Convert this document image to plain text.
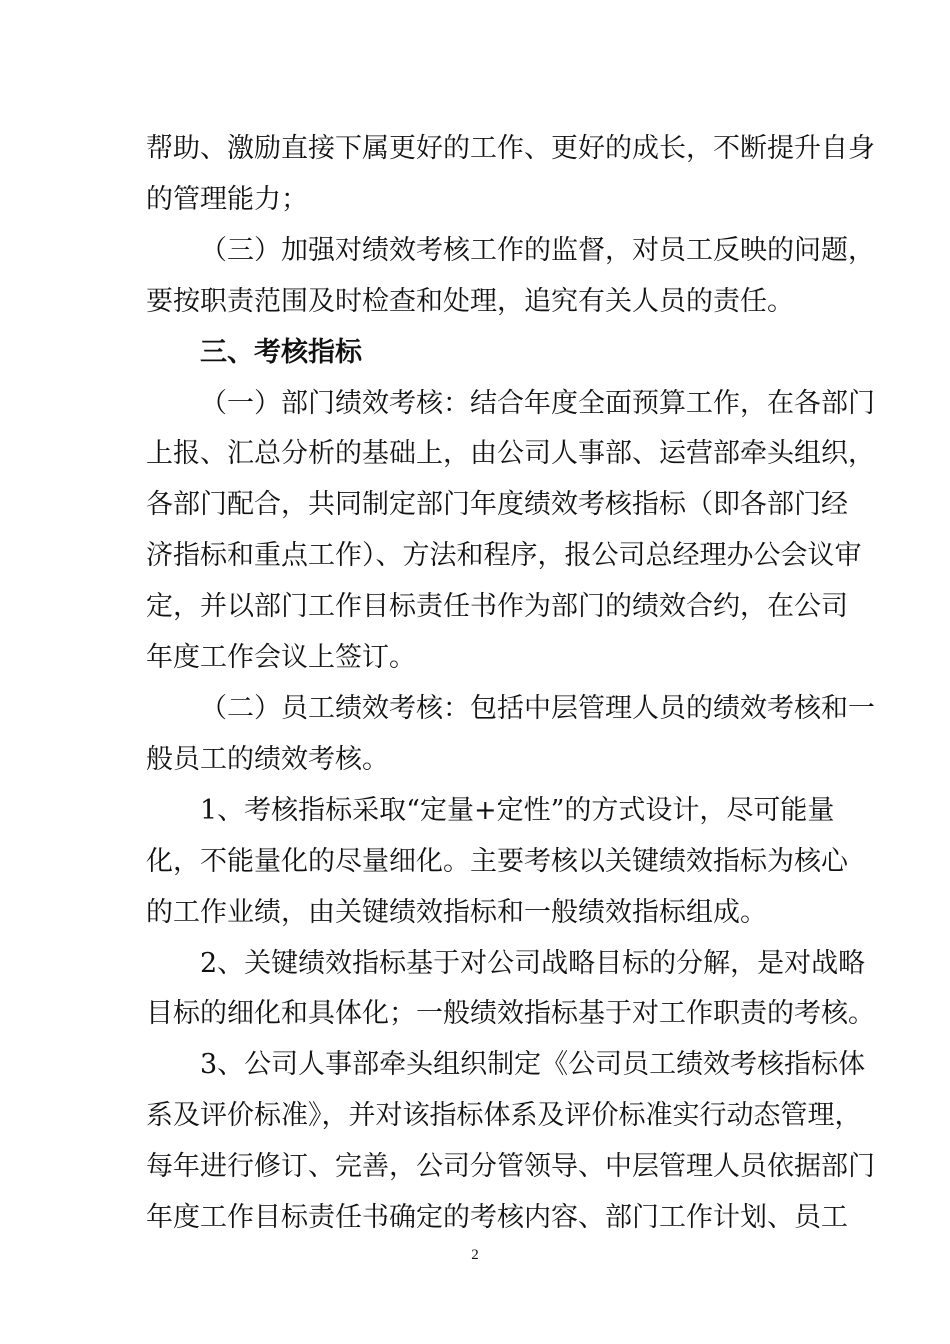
帮助、激励直接下属更好的工作、更好的成长，不断提升自身
的管理能力；
（三）加强对绩效考核工作的监督，对员工反映的问题，
要按职责范围及时检查和处理，追究有关人员的责任。
三、考核指标
（一）部门绩效考核：结合年度全面预算工作，在各部门
上报、汇总分析的基础上，由公司人事部、运营部牵头组织，
各部门配合，共同制定部门年度绩效考核指标（即各部门经
济指标和重点工作）、方法和程序，报公司总经理办公会议审
定，并以部门工作目标责任书作为部门的绩效合约，在公司
年度工作会议上签订。
（二）员工绩效考核：包括中层管理人员的绩效考核和一
般员工的绩效考核。
1、考核指标采取“定量+定性”的方式设计，尽可能量
化，不能量化的尽量细化。主要考核以关键绩效指标为核心
的工作业绩，由关键绩效指标和一般绩效指标组成。
2、关键绩效指标基于对公司战略目标的分解，是对战略
目标的细化和具体化；一般绩效指标基于对工作职责的考核。
3、公司人事部牵头组织制定《公司员工绩效考核指标体
系及评价标准》，并对该指标体系及评价标准实行动态管理，
每年进行修订、完善，公司分管领导、中层管理人员依据部门
年度工作目标责任书确定的考核内容、部门工作计划、员工
2
